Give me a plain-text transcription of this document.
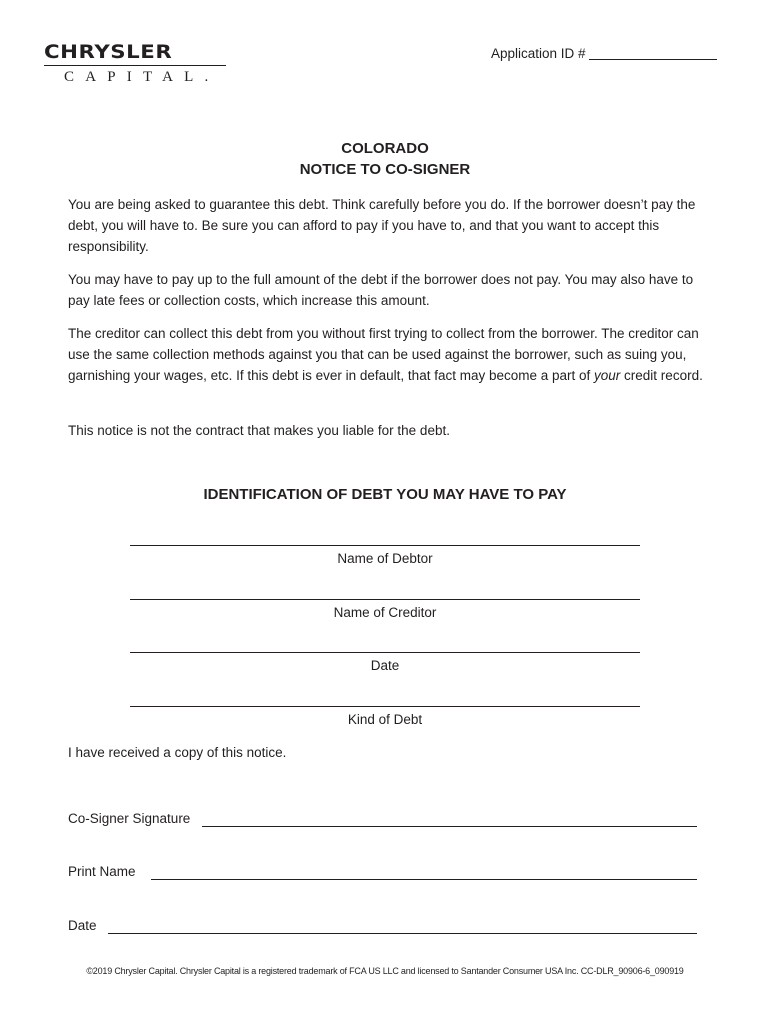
CHRYSLER
CAPITAL.
Application ID #
COLORADO
NOTICE TO CO-SIGNER
You are being asked to guarantee this debt. Think carefully before you do. If the borrower doesn’t pay the debt, you will have to. Be sure you can afford to pay if you have to, and that you want to accept this responsibility.
You may have to pay up to the full amount of the debt if the borrower does not pay. You may also have to pay late fees or collection costs, which increase this amount.
The creditor can collect this debt from you without first trying to collect from the borrower. The creditor can use the same collection methods against you that can be used against the borrower, such as suing you, garnishing your wages, etc. If this debt is ever in default, that fact may become a part of your credit record.
This notice is not the contract that makes you liable for the debt.
IDENTIFICATION OF DEBT YOU MAY HAVE TO PAY
Name of Debtor
Name of Creditor
Date
Kind of Debt
I have received a copy of this notice.
Co-Signer Signature
Print Name
Date
©2019 Chrysler Capital. Chrysler Capital is a registered trademark of FCA US LLC and licensed to Santander Consumer USA Inc. CC-DLR_90906-6_090919
